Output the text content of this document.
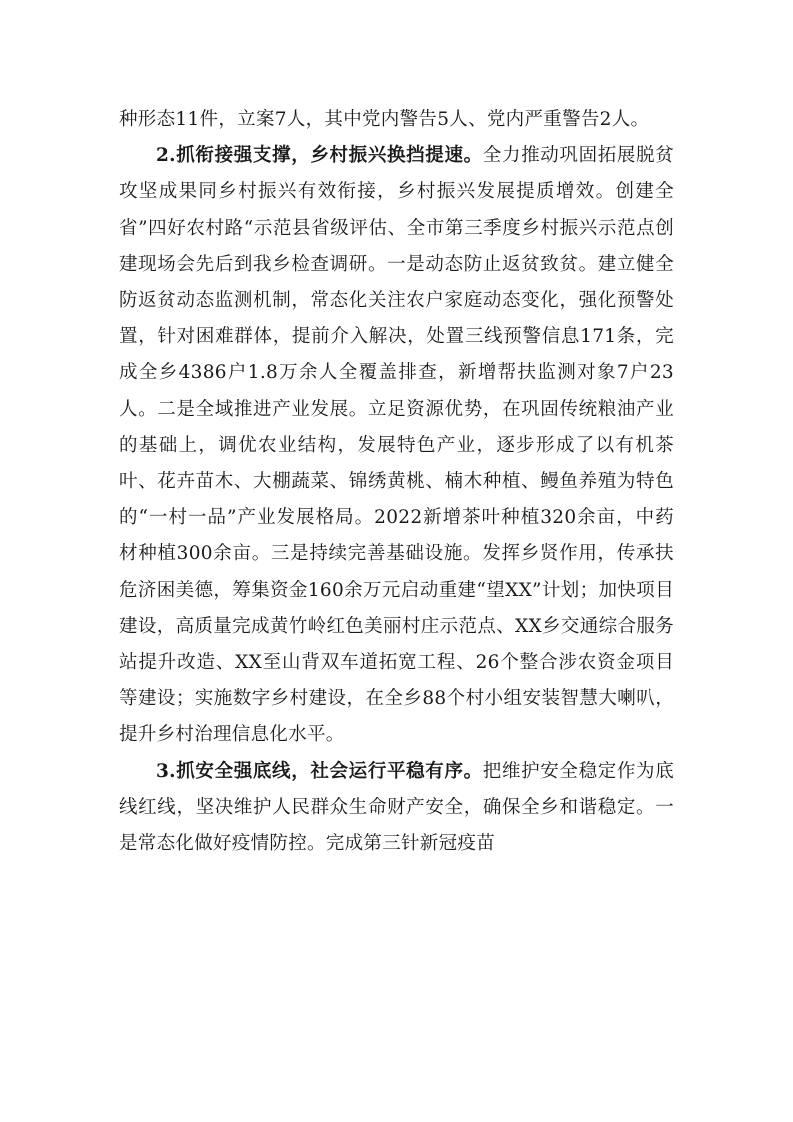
种形态11件，立案7人，其中党内警告5人、党内严重警告2人。

2.抓衔接强支撑，乡村振兴换挡提速。全力推动巩固拓展脱贫攻坚成果同乡村振兴有效衔接，乡村振兴发展提质增效。创建全省”四好农村路“示范县省级评估、全市第三季度乡村振兴示范点创建现场会先后到我乡检查调研。一是动态防止返贫致贫。建立健全防返贫动态监测机制，常态化关注农户家庭动态变化，强化预警处置，针对困难群体，提前介入解决，处置三线预警信息171条，完成全乡4386户1.8万余人全覆盖排查，新增帮扶监测对象7户23人。二是全域推进产业发展。立足资源优势，在巩固传统粮油产业的基础上，调优农业结构，发展特色产业，逐步形成了以有机茶叶、花卉苗木、大棚蔬菜、锦绣黄桃、楠木种植、鳗鱼养殖为特色的“一村一品”产业发展格局。2022新增茶叶种植320余亩，中药材种植300余亩。三是持续完善基础设施。发挥乡贤作用，传承扶危济困美德，筹集资金160余万元启动重建“望XX”计划；加快项目建设，高质量完成黄竹岭红色美丽村庄示范点、XX乡交通综合服务站提升改造、XX至山背双车道拓宽工程、26个整合涉农资金项目等建设；实施数字乡村建设，在全乡88个村小组安装智慧大喇叭，提升乡村治理信息化水平。

3.抓安全强底线，社会运行平稳有序。把维护安全稳定作为底线红线，坚决维护人民群众生命财产安全，确保全乡和谐稳定。一是常态化做好疫情防控。完成第三针新冠疫苗
